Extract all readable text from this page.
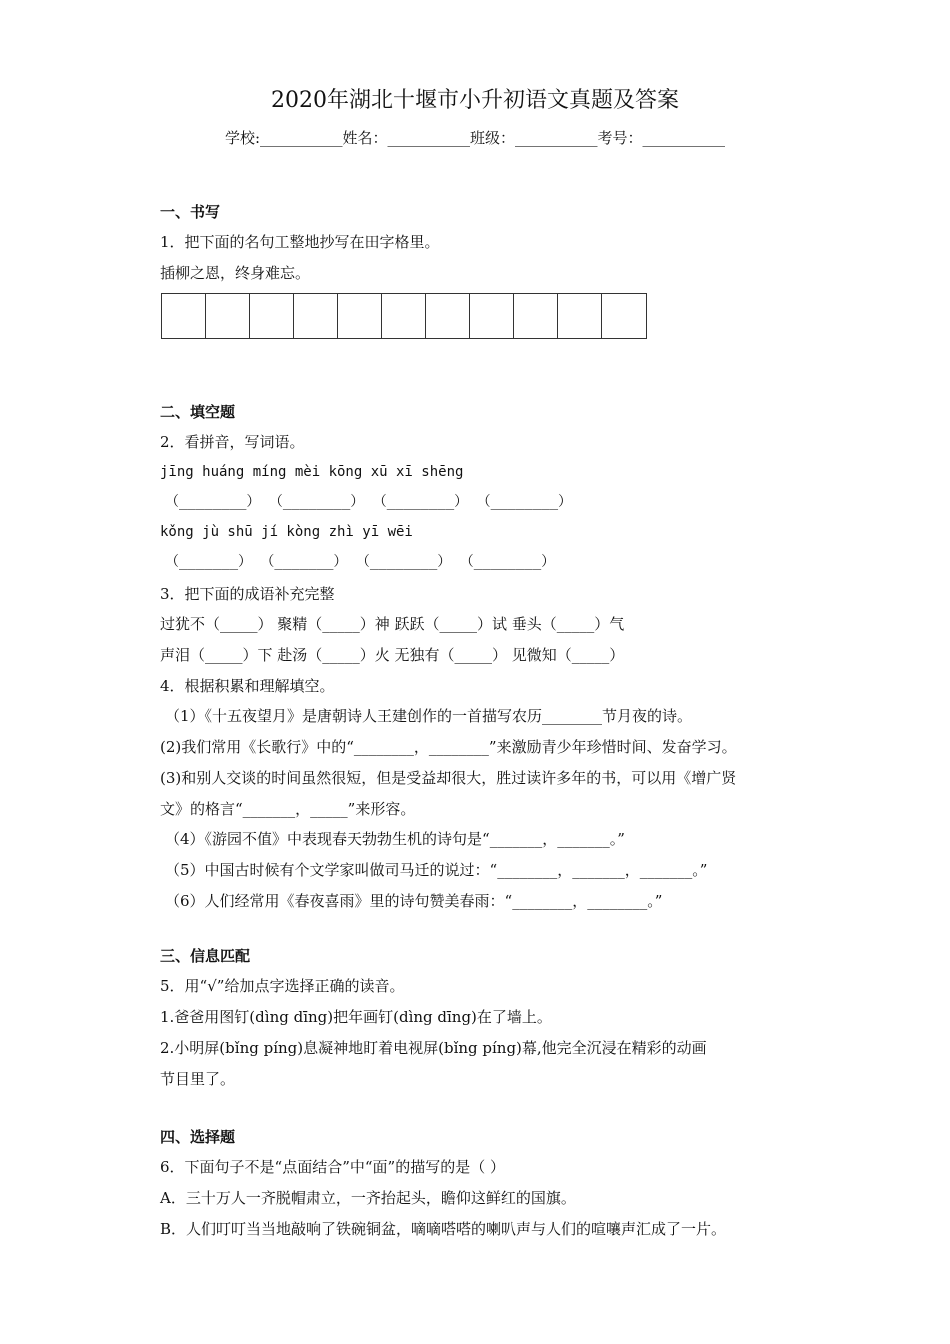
2020年湖北十堰市小升初语文真题及答案
学校:___________姓名：___________班级：___________考号：___________
一、书写
1．把下面的名句工整地抄写在田字格里。
插柳之恩，终身难忘。
二、填空题
2．看拼音，写词语。
jīng huáng míng mèi kōng xū xī shēng
（________） （________） （________） （________）
kǒng jù shū jí kòng zhì yī wēi
（_______） （_______） （________） （________）
3．把下面的成语补充完整
过犹不（_____） 聚精（_____）神 跃跃（_____）试 垂头（_____）气
声泪（_____）下 赴汤（_____）火 无独有（_____） 见微知（_____）
4．根据积累和理解填空。
（1）《十五夜望月》是唐朝诗人王建创作的一首描写农历________节月夜的诗。
(2)我们常用《长歌行》中的“________，________”来激励青少年珍惜时间、发奋学习。
(3)和别人交谈的时间虽然很短，但是受益却很大，胜过读许多年的书，可以用《增广贤
文》的格言“_______，_____”来形容。
（4）《游园不值》中表现春天勃勃生机的诗句是“_______，_______。”
（5）中国古时候有个文学家叫做司马迁的说过：“________，_______，_______。”
（6）人们经常用《春夜喜雨》里的诗句赞美春雨：“________，________。”
三、信息匹配
5．用“√”给加点字选择正确的读音。
1.爸爸用图钉(dìng dīng)把年画钉(dìng dīng)在了墙上。
2.小明屏(bǐng píng)息凝神地盯着电视屏(bǐng píng)幕,他完全沉浸在精彩的动画
节目里了。
四、选择题
6．下面句子不是“点面结合”中“面”的描写的是（ ）
A．三十万人一齐脱帽肃立，一齐抬起头，瞻仰这鲜红的国旗。
B．人们叮叮当当地敲响了铁碗铜盆，嘀嘀嗒嗒的喇叭声与人们的喧嚷声汇成了一片。
